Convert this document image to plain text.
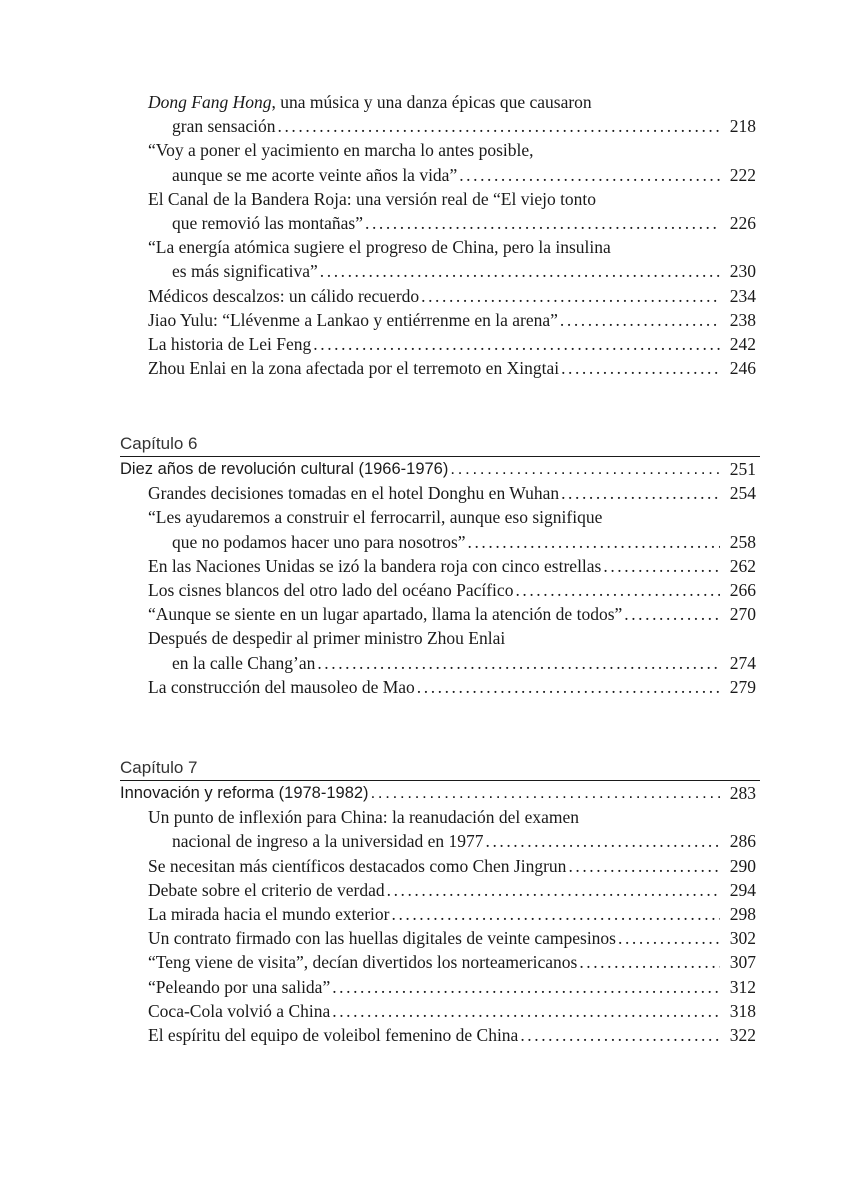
Dong Fang Hong, una música y una danza épicas que causaron
gran sensación . . .	218
“Voy a poner el yacimiento en marcha lo antes posible,
aunque se me acorte veinte años la vida” . . .	222
El Canal de la Bandera Roja: una versión real de “El viejo tonto
que removió las montañas” . . .	226
“La energía atómica sugiere el progreso de China, pero la insulina
es más significativa” . . .	230
Médicos descalzos: un cálido recuerdo . . .	234
Jiao Yulu: “Llévenme a Lankao y entiérrenme en la arena” . . .	238
La historia de Lei Feng . . .	242
Zhou Enlai en la zona afectada por el terremoto en Xingtai . . .	246
Capítulo 6
Diez años de revolución cultural (1966-1976) . . .	251
Grandes decisiones tomadas en el hotel Donghu en Wuhan . . .	254
“Les ayudaremos a construir el ferrocarril, aunque eso signifique
que no podamos hacer uno para nosotros” . . .	258
En las Naciones Unidas se izó la bandera roja con cinco estrellas . . .	262
Los cisnes blancos del otro lado del océano Pacífico . . .	266
“Aunque se siente en un lugar apartado, llama la atención de todos” . . .	270
Después de despedir al primer ministro Zhou Enlai
en la calle Chang’an . . .	274
La construcción del mausoleo de Mao . . .	279
Capítulo 7
Innovación y reforma (1978-1982) . . .	283
Un punto de inflexión para China: la reanudación del examen
nacional de ingreso a la universidad en 1977 . . .	286
Se necesitan más científicos destacados como Chen Jingrun . . .	290
Debate sobre el criterio de verdad . . .	294
La mirada hacia el mundo exterior . . .	298
Un contrato firmado con las huellas digitales de veinte campesinos . . .	302
“Teng viene de visita”, decían divertidos los norteamericanos . . .	307
“Peleando por una salida” . . .	312
Coca-Cola volvió a China . . .	318
El espíritu del equipo de voleibol femenino de China . . .	322
